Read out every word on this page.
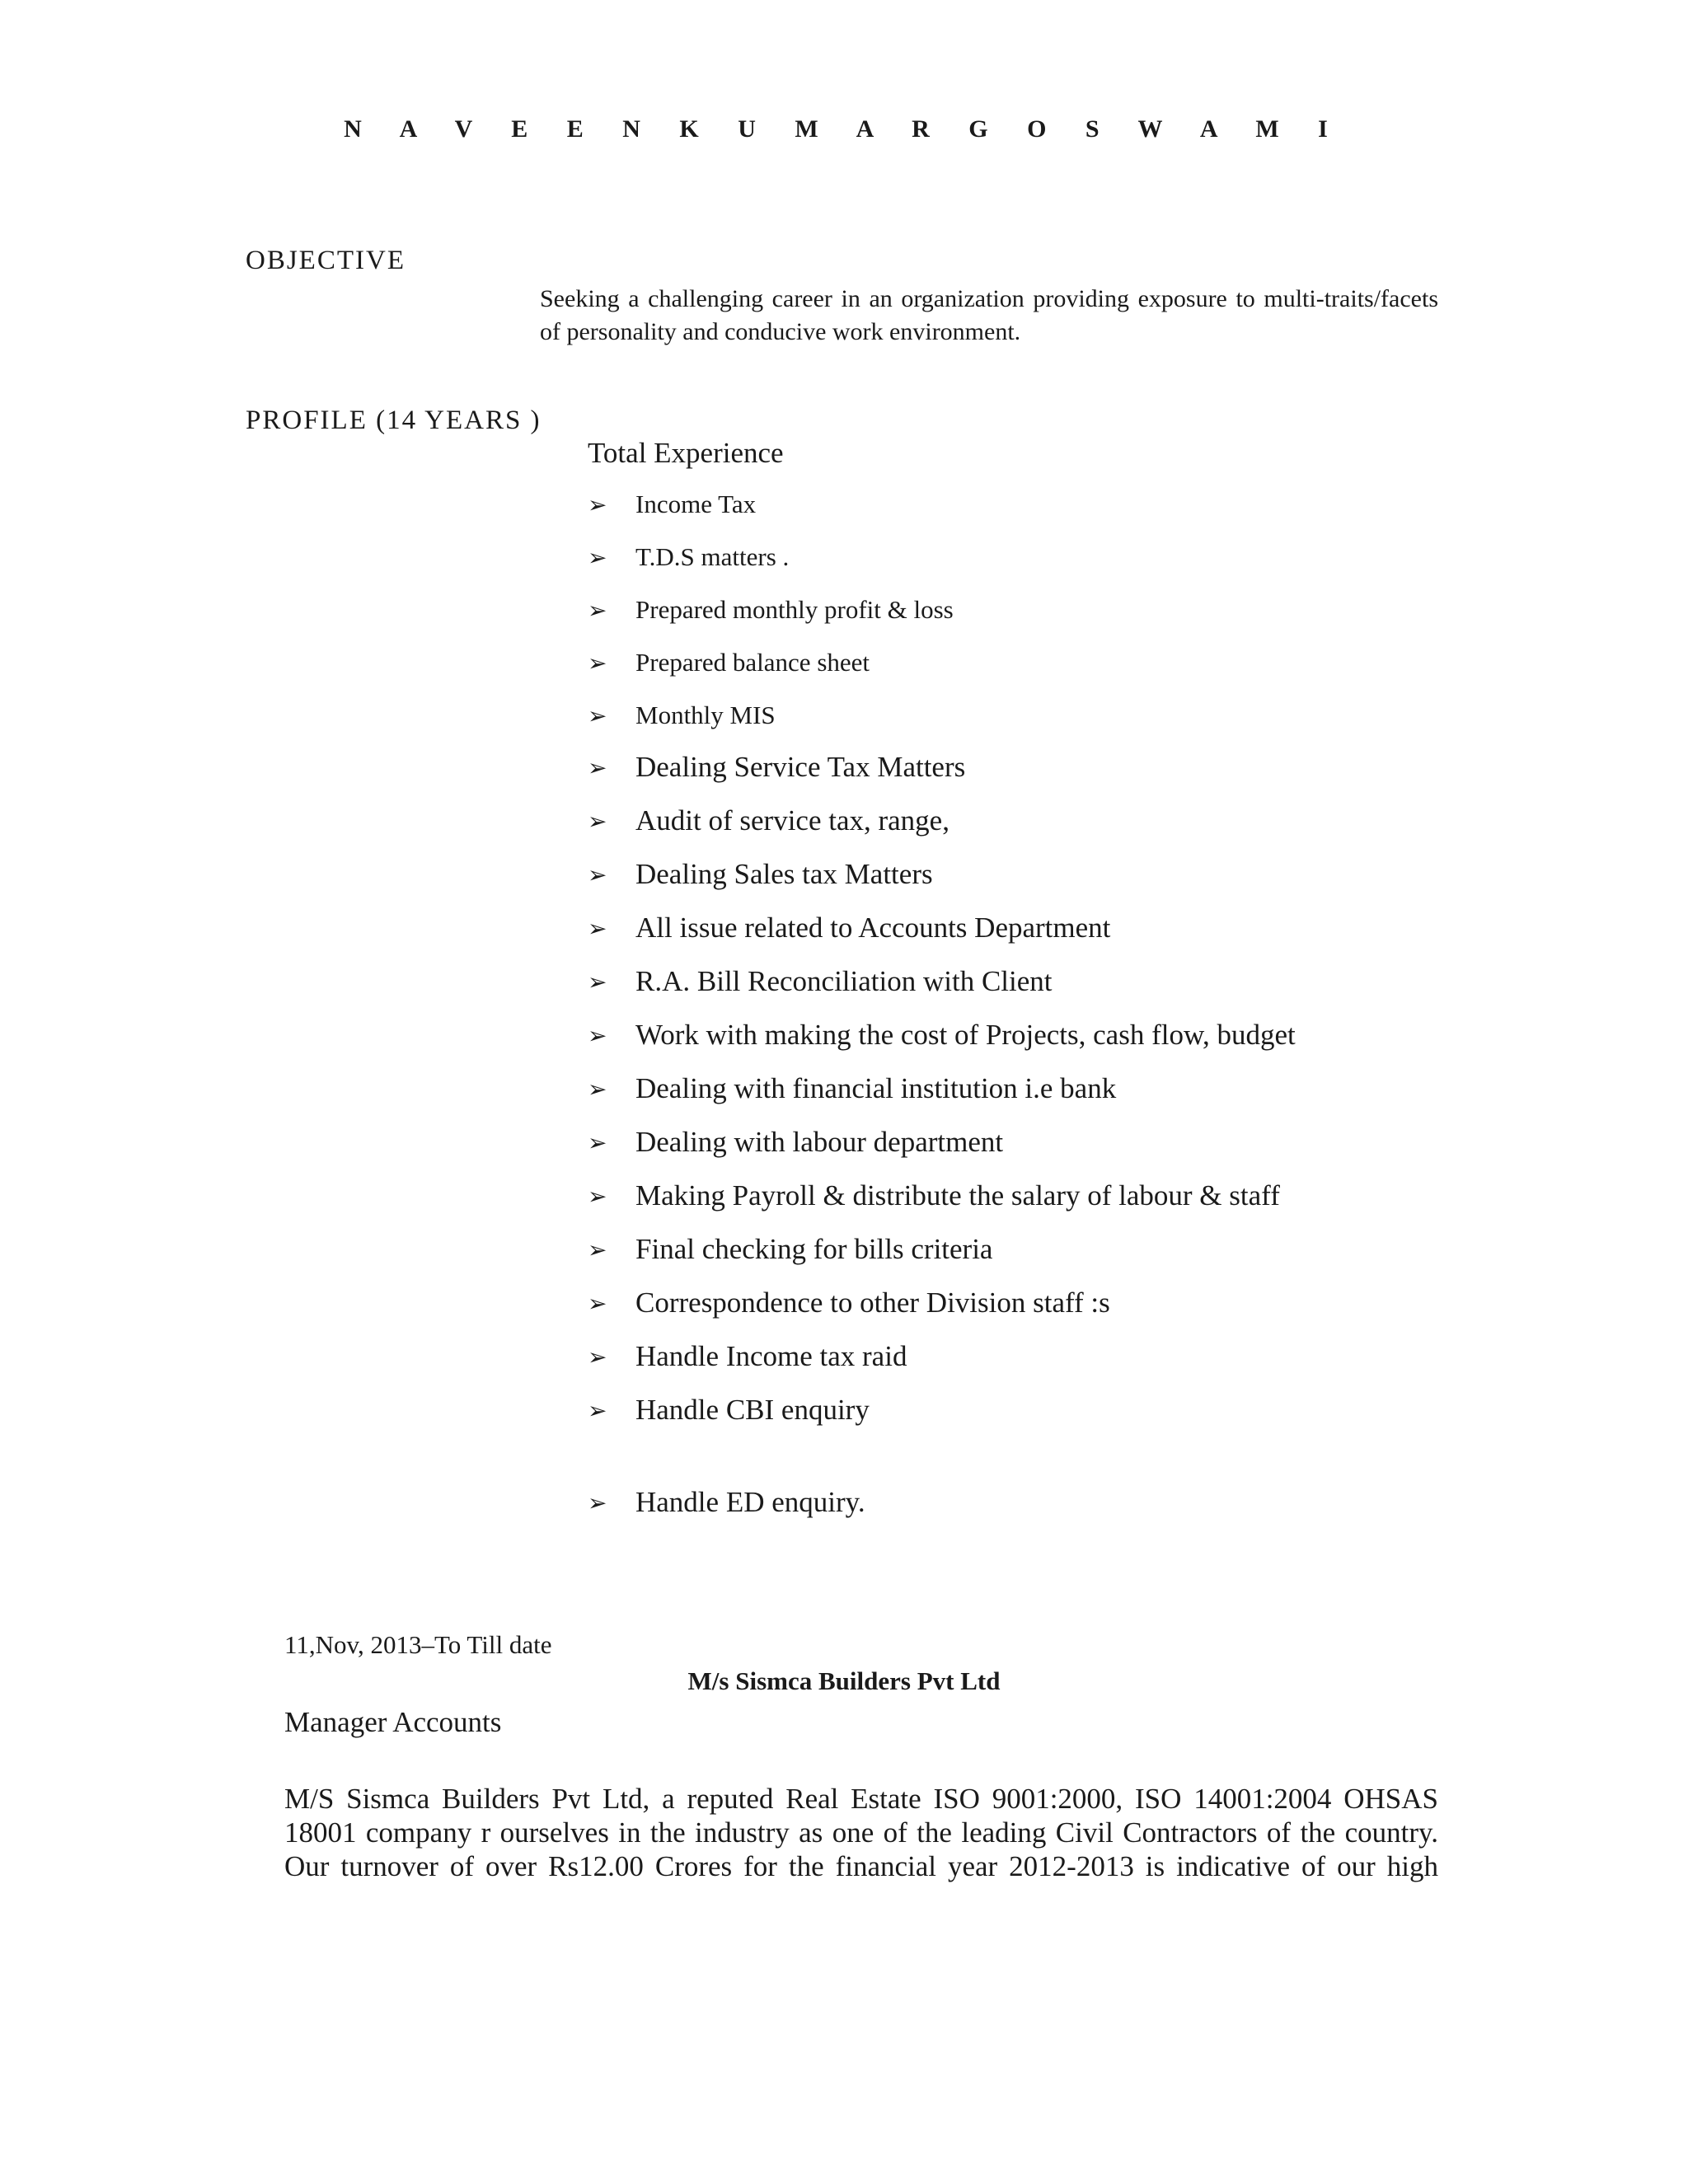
N A V E E N K U M A R G O S W A M I
OBJECTIVE
Seeking a challenging career in an organization providing exposure to multi-traits/facets of personality and conducive work environment.
PROFILE (14 YEARS )
Total Experience
➢	Income Tax
➢	T.D.S matters .
➢	Prepared monthly profit & loss
➢	Prepared balance sheet
➢	Monthly MIS
➢ Dealing Service Tax Matters
➢ Audit of service tax, range,
➢ Dealing Sales tax Matters
➢ All issue related to Accounts Department
➢ R.A. Bill Reconciliation with Client
➢ Work with making the cost of Projects, cash flow, budget
➢ Dealing with financial institution i.e bank
➢ Dealing with labour department
➢ Making Payroll & distribute the salary of labour & staff
➢ Final checking for bills criteria
➢ Correspondence to other Division staff :s
➢ Handle Income tax raid
➢ Handle CBI enquiry
➢ Handle ED enquiry.
11,Nov, 2013–To Till date
M/s Sismca Builders Pvt Ltd
Manager Accounts
M/S Sismca Builders Pvt Ltd, a reputed Real Estate ISO 9001:2000, ISO 14001:2004 OHSAS 18001 company r ourselves in the industry as one of the leading Civil Contractors of the country. Our turnover of over Rs12.00 Crores for the financial year 2012-2013 is indicative of our high
